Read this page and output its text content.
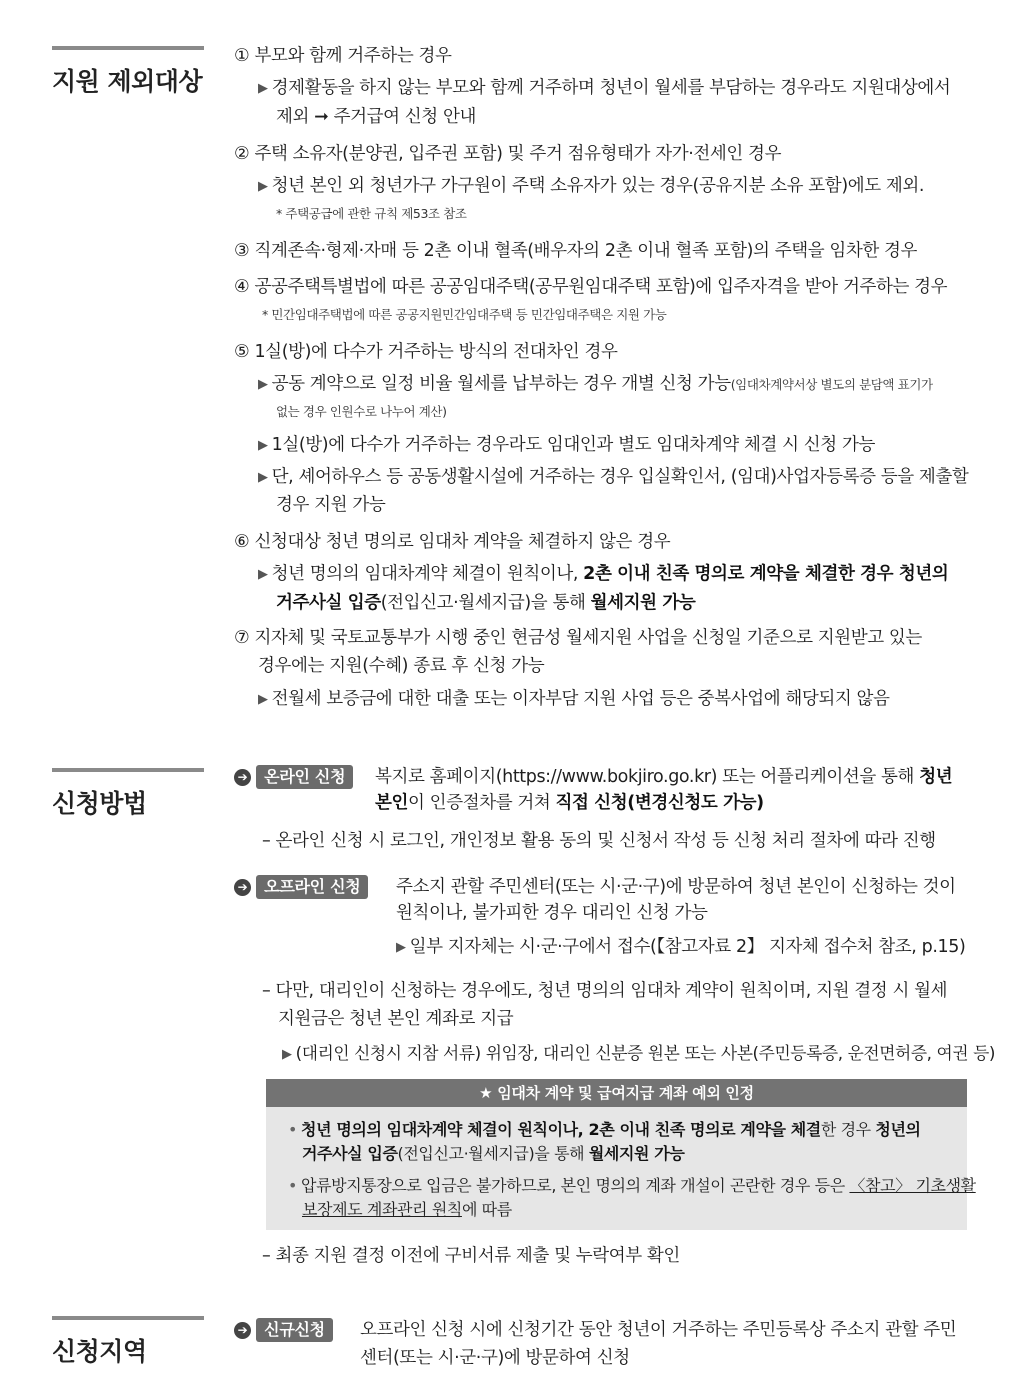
지원 제외대상
① 부모와 함께 거주하는 경우
▶ 경제활동을 하지 않는 부모와 함께 거주하며 청년이 월세를 부담하는 경우라도 지원대상에서
제외 ➞ 주거급여 신청 안내
② 주택 소유자(분양권, 입주권 포함) 및 주거 점유형태가 자가·전세인 경우
▶ 청년 본인 외 청년가구 가구원이 주택 소유자가 있는 경우(공유지분 소유 포함)에도 제외.
* 주택공급에 관한 규칙 제53조 참조
③ 직계존속·형제·자매 등 2촌 이내 혈족(배우자의 2촌 이내 혈족 포함)의 주택을 임차한 경우
④ 공공주택특별법에 따른 공공임대주택(공무원임대주택 포함)에 입주자격을 받아 거주하는 경우
* 민간임대주택법에 따른 공공지원민간임대주택 등 민간임대주택은 지원 가능
⑤ 1실(방)에 다수가 거주하는 방식의 전대차인 경우
▶ 공동 계약으로 일정 비율 월세를 납부하는 경우 개별 신청 가능(임대차계약서상 별도의 분담액 표기가
없는 경우 인원수로 나누어 계산)
▶ 1실(방)에 다수가 거주하는 경우라도 임대인과 별도 임대차계약 체결 시 신청 가능
▶ 단, 셰어하우스 등 공동생활시설에 거주하는 경우 입실확인서, (임대)사업자등록증 등을 제출할
경우 지원 가능
⑥ 신청대상 청년 명의로 임대차 계약을 체결하지 않은 경우
▶ 청년 명의의 임대차계약 체결이 원칙이나, 2촌 이내 친족 명의로 계약을 체결한 경우 청년의
거주사실 입증(전입신고·월세지급)을 통해 월세지원 가능
⑦ 지자체 및 국토교통부가 시행 중인 현금성 월세지원 사업을 신청일 기준으로 지원받고 있는
경우에는 지원(수혜) 종료 후 신청 가능
▶ 전월세 보증금에 대한 대출 또는 이자부담 지원 사업 등은 중복사업에 해당되지 않음
신청방법
➔ 온라인 신청	복지로 홈페이지(https://www.bokjiro.go.kr) 또는 어플리케이션을 통해 청년
본인이 인증절차를 거쳐 직접 신청(변경신청도 가능)
– 온라인 신청 시 로그인, 개인정보 활용 동의 및 신청서 작성 등 신청 처리 절차에 따라 진행
➔ 오프라인 신청	주소지 관할 주민센터(또는 시·군·구)에 방문하여 청년 본인이 신청하는 것이
원칙이나, 불가피한 경우 대리인 신청 가능
▶ 일부 지자체는 시·군·구에서 접수(【참고자료 2】 지자체 접수처 참조, p.15)
– 다만, 대리인이 신청하는 경우에도, 청년 명의의 임대차 계약이 원칙이며, 지원 결정 시 월세
지원금은 청년 본인 계좌로 지급
▶ (대리인 신청시 지참 서류) 위임장, 대리인 신분증 원본 또는 사본(주민등록증, 운전면허증, 여권 등)
★ 임대차 계약 및 급여지급 계좌 예외 인정
• 청년 명의의 임대차계약 체결이 원칙이나, 2촌 이내 친족 명의로 계약을 체결한 경우 청년의
거주사실 입증(전입신고·월세지급)을 통해 월세지원 가능
• 압류방지통장으로 입금은 불가하므로, 본인 명의의 계좌 개설이 곤란한 경우 등은 〈참고〉 기초생활
보장제도 계좌관리 원칙에 따름
– 최종 지원 결정 이전에 구비서류 제출 및 누락여부 확인
신청지역
➔ 신규신청	오프라인 신청 시에 신청기간 동안 청년이 거주하는 주민등록상 주소지 관할 주민
센터(또는 시·군·구)에 방문하여 신청
